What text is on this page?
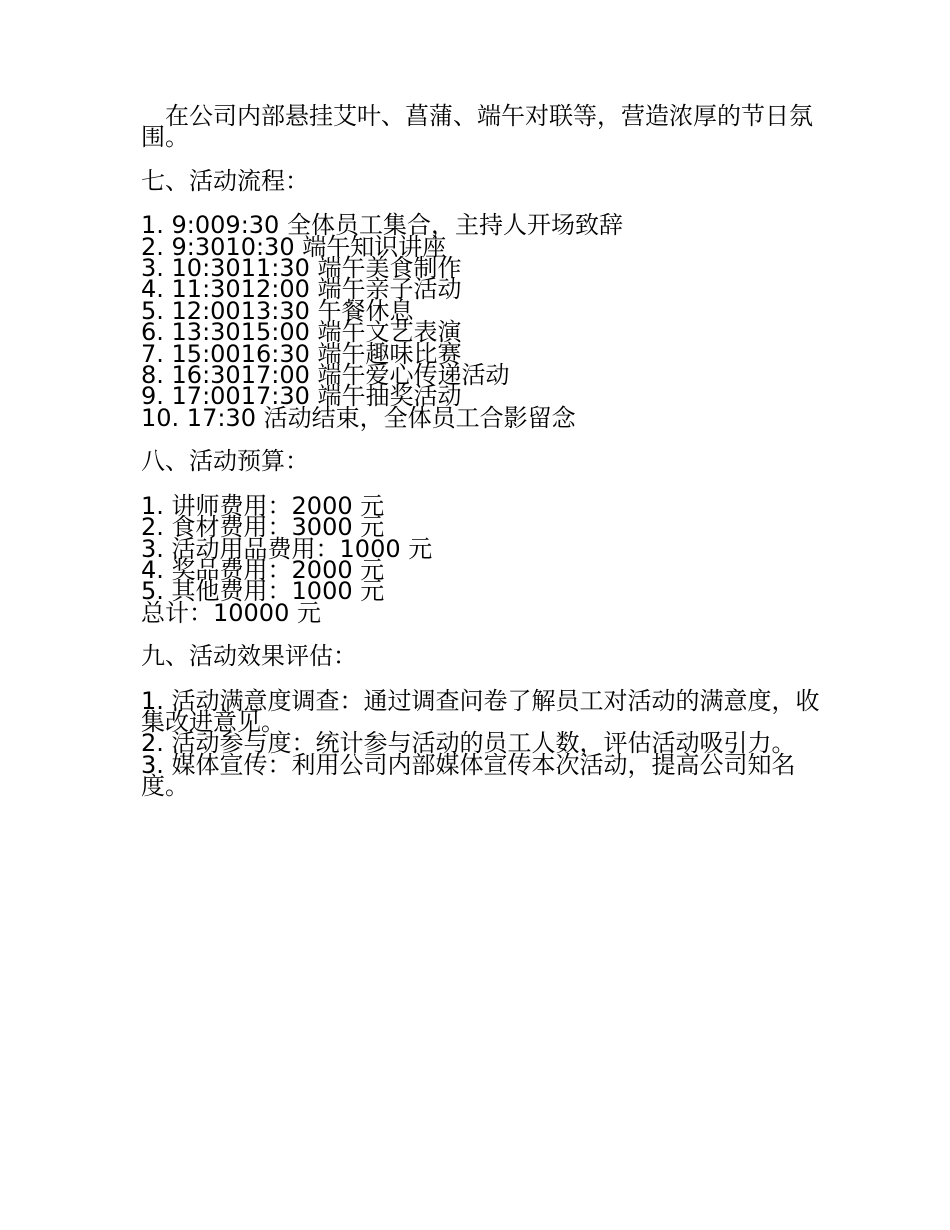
　在公司内部悬挂艾叶、菖蒲、端午对联等，营造浓厚的节日氛围。

七、活动流程：

1. 9:009:30 全体员工集合，主持人开场致辞
2. 9:3010:30 端午知识讲座
3. 10:3011:30 端午美食制作
4. 11:3012:00 端午亲子活动
5. 12:0013:30 午餐休息
6. 13:3015:00 端午文艺表演
7. 15:0016:30 端午趣味比赛
8. 16:3017:00 端午爱心传递活动
9. 17:0017:30 端午抽奖活动
10. 17:30 活动结束，全体员工合影留念

八、活动预算：

1. 讲师费用：2000 元
2. 食材费用：3000 元
3. 活动用品费用：1000 元
4. 奖品费用：2000 元
5. 其他费用：1000 元
总计：10000 元

九、活动效果评估：

1. 活动满意度调查：通过调查问卷了解员工对活动的满意度，收集改进意见。
2. 活动参与度：统计参与活动的员工人数，评估活动吸引力。
3. 媒体宣传：利用公司内部媒体宣传本次活动，提高公司知名度。
